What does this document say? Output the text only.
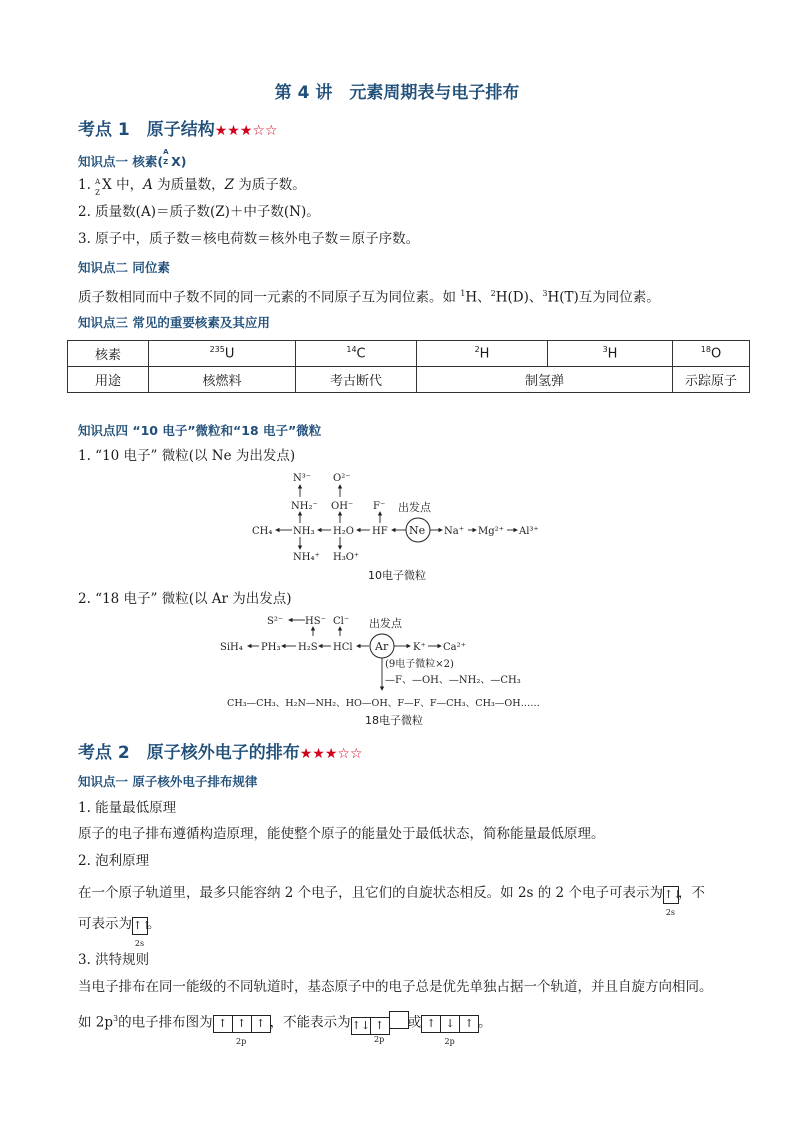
第 4 讲　元素周期表与电子排布
考点 1　原子结构★★★☆☆
知识点一 核素(
A
Z X)
1. A
Z X 中，A 为质量数，Z 为质子数。
2. 质量数(A)＝质子数(Z)＋中子数(N)。
3. 原子中，质子数＝核电荷数＝核外电子数＝原子序数。
知识点二 同位素
质子数相同而中子数不同的同一元素的不同原子互为同位素。如 $^1$H、$^2$H(D)、$^3$H(T)互为同位素。
知识点三 常见的重要核素及其应用
核素	$^{235}$U	$^{14}$C	$^2$H	$^3$H	$^{18}$O
用途	核燃料	考古断代	制氢弹		示踪原子
知识点四 “10 电子”微粒和“18 电子”微粒
1. “10 电子” 微粒(以 Ne 为出发点)
N³⁻ O²⁻
NH₂⁻ OH⁻ F⁻ 出发点
CH₄ NH₃ H₂O HF Ne Na⁺ Mg²⁺ Al³⁺
NH₄⁺ H₃O⁺
10电子微粒
2. “18 电子” 微粒(以 Ar 为出发点)
S²⁻ HS⁻ Cl⁻ 出发点
SiH₄ PH₃ H₂S HCl Ar K⁺ Ca²⁺
(9电子微粒×2)
—F、—OH、—NH₂、—CH₃
CH₃—CH₃、H₂N—NH₂、HO—OH、F—F、F—CH₃、CH₃—OH……
18电子微粒
考点 2　原子核外电子的排布★★★☆☆
知识点一 原子核外电子排布规律
1. 能量最低原理
原子的电子排布遵循构造原理，能使整个原子的能量处于最低状态，简称能量最低原理。
2. 泡利原理
在一个原子轨道里，最多只能容纳 2 个电子，且它们的自旋状态相反。如 2s 的 2 个电子可表示为↑↓
2s
，不
可表示为↑↑
2s
。
3. 洪特规则
当电子排布在同一能级的不同轨道时，基态原子中的电子总是优先单独占据一个轨道，并且自旋方向相同。
如 $2p^3$的电子排布图为 ↑ ↑ ↑
2p
，不能表示为↑↓ ↑
2p
或 ↑ ↓ ↑
2p
。
